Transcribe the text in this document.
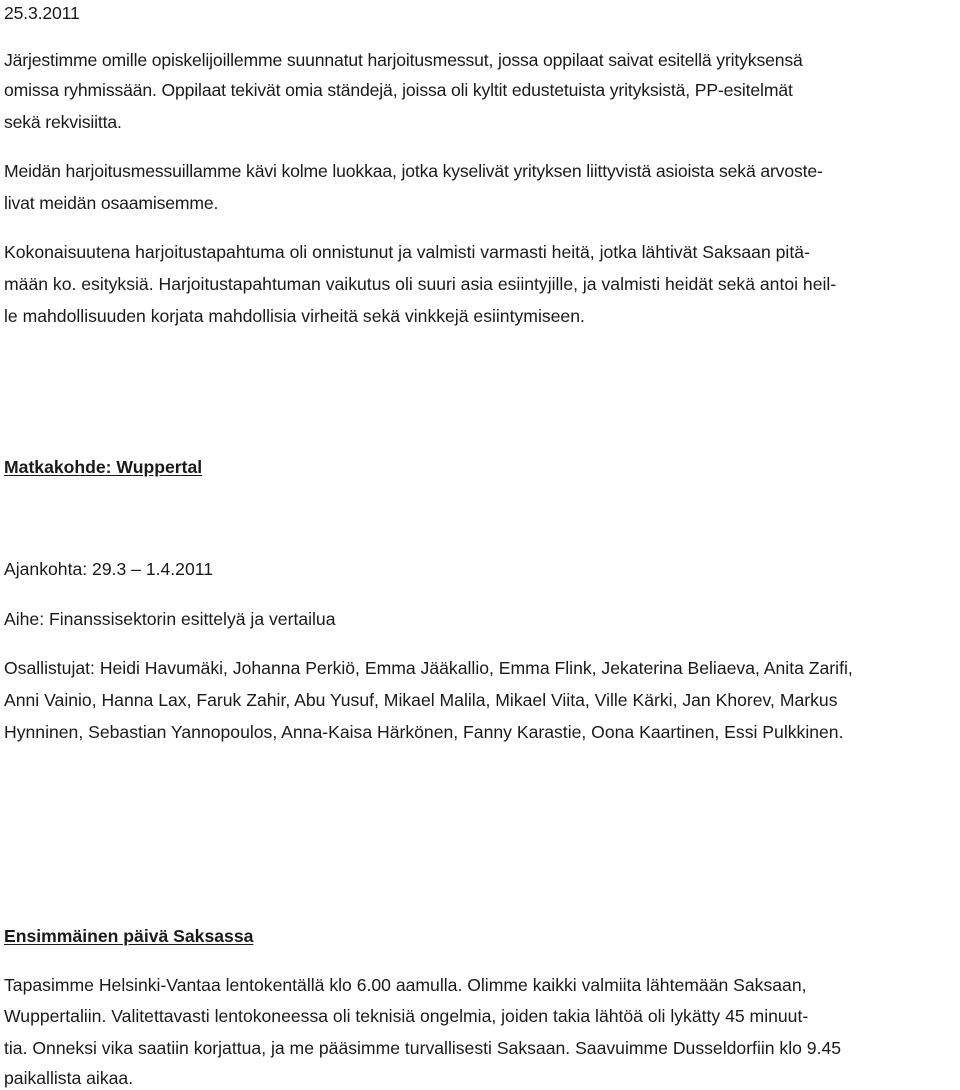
25.3.2011
Järjestimme omille opiskelijoillemme suunnatut harjoitusmessut, jossa oppilaat saivat esitellä yrityksensä
omissa ryhmissään. Oppilaat tekivät omia ständejä, joissa oli kyltit edustetuista yrityksistä, PP-esitelmät
sekä rekvisiitta.
Meidän harjoitusmessuillamme kävi kolme luokkaa, jotka kyselivät yrityksen liittyvistä asioista sekä arvoste-
livat meidän osaamisemme.
Kokonaisuutena harjoitustapahtuma oli onnistunut ja valmisti varmasti heitä, jotka lähtivät Saksaan pitä-
mään ko. esityksiä. Harjoitustapahtuman vaikutus oli suuri asia esiintyjille, ja valmisti heidät sekä antoi heil-
le mahdollisuuden korjata mahdollisia virheitä sekä vinkkejä esiintymiseen.
Matkakohde: Wuppertal
Ajankohta: 29.3 – 1.4.2011
Aihe: Finanssisektorin esittelyä ja vertailua
Osallistujat: Heidi Havumäki, Johanna Perkiö, Emma Jääkallio, Emma Flink, Jekaterina Beliaeva, Anita Zarifi,
Anni Vainio, Hanna Lax, Faruk Zahir, Abu Yusuf, Mikael Malila, Mikael Viita, Ville Kärki, Jan Khorev, Markus
Hynninen, Sebastian Yannopoulos, Anna-Kaisa Härkönen, Fanny Karastie, Oona Kaartinen, Essi Pulkkinen.
Ensimmäinen päivä Saksassa
Tapasimme Helsinki-Vantaa lentokentällä klo 6.00 aamulla. Olimme kaikki valmiita lähtemään Saksaan,
Wuppertaliin. Valitettavasti lentokoneessa oli teknisiä ongelmia, joiden takia lähtöä oli lykätty 45 minuut-
tia. Onneksi vika saatiin korjattua, ja me pääsimme turvallisesti Saksaan. Saavuimme Dusseldorfiin klo 9.45
paikallista aikaa.
